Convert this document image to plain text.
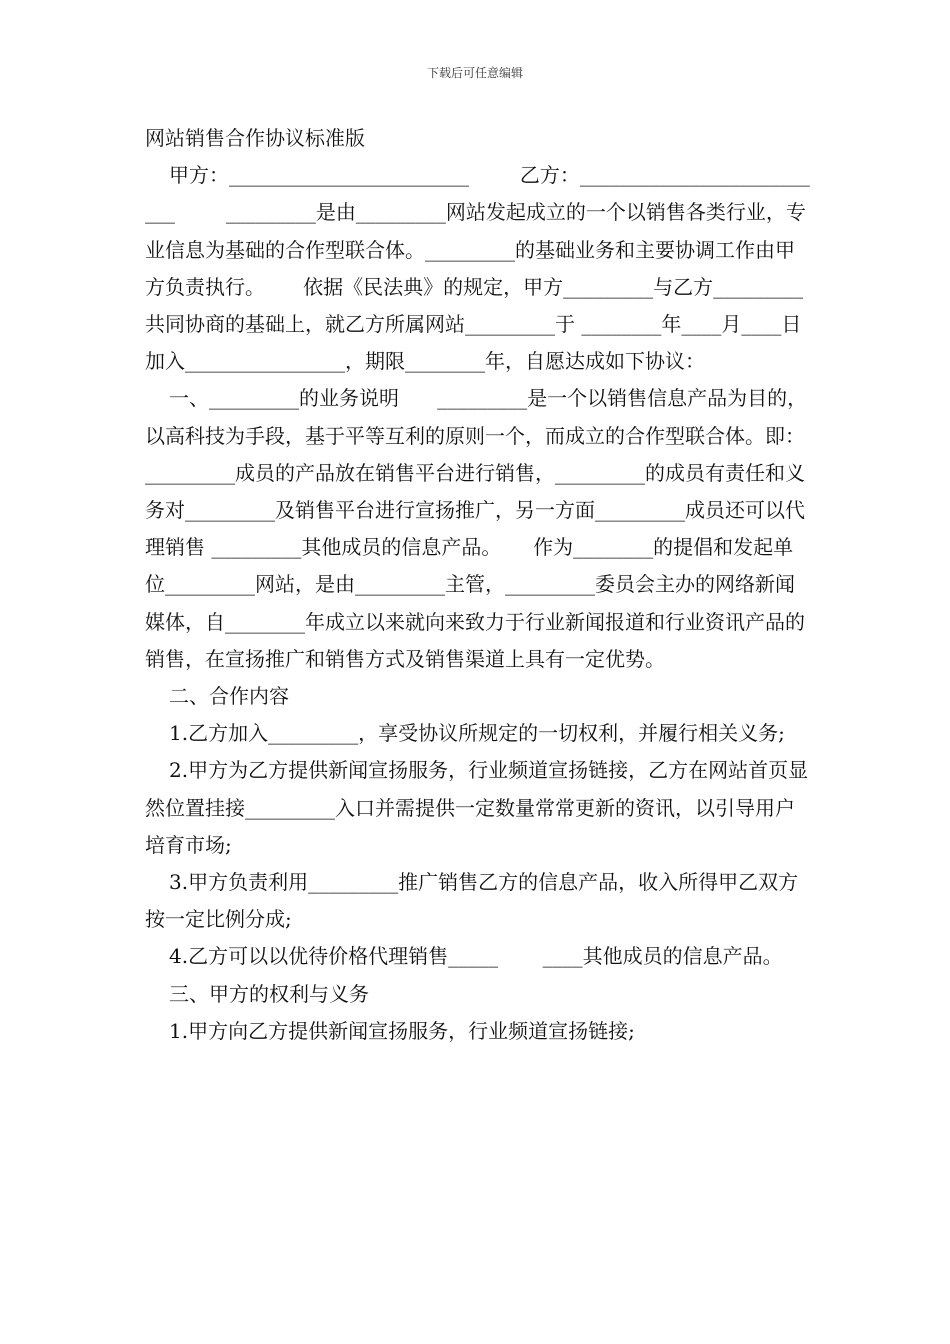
下载后可任意编辑

网站销售合作协议标准版

甲方：________________________        乙方：__________________________        _________是由_________网站发起成立的一个以销售各类行业，专业信息为基础的合作型联合体。_________的基础业务和主要协调工作由甲方负责执行。      依据《民法典》的规定，甲方_________与乙方_________共同协商的基础上，就乙方所属网站_________于 ________年____月____日加入________________，期限________年，自愿达成如下协议：

一、_________的业务说明      _________是一个以销售信息产品为目的，以高科技为手段，基于平等互利的原则一个，而成立的合作型联合体。即：_________成员的产品放在销售平台进行销售，_________的成员有责任和义务对_________及销售平台进行宣扬推广，另一方面_________成员还可以代理销售 _________其他成员的信息产品。     作为________的提倡和发起单位_________网站，是由_________主管，_________委员会主办的网络新闻媒体，自________年成立以来就向来致力于行业新闻报道和行业资讯产品的销售，在宣扬推广和销售方式及销售渠道上具有一定优势。

二、合作内容

1.乙方加入_________，享受协议所规定的一切权利，并履行相关义务;

2.甲方为乙方提供新闻宣扬服务，行业频道宣扬链接，乙方在网站首页显然位置挂接_________入口并需提供一定数量常常更新的资讯，以引导用户培育市场;

3.甲方负责利用_________推广销售乙方的信息产品，收入所得甲乙双方按一定比例分成;

4.乙方可以以优待价格代理销售_____       ____其他成员的信息产品。

三、甲方的权利与义务

1.甲方向乙方提供新闻宣扬服务，行业频道宣扬链接;
